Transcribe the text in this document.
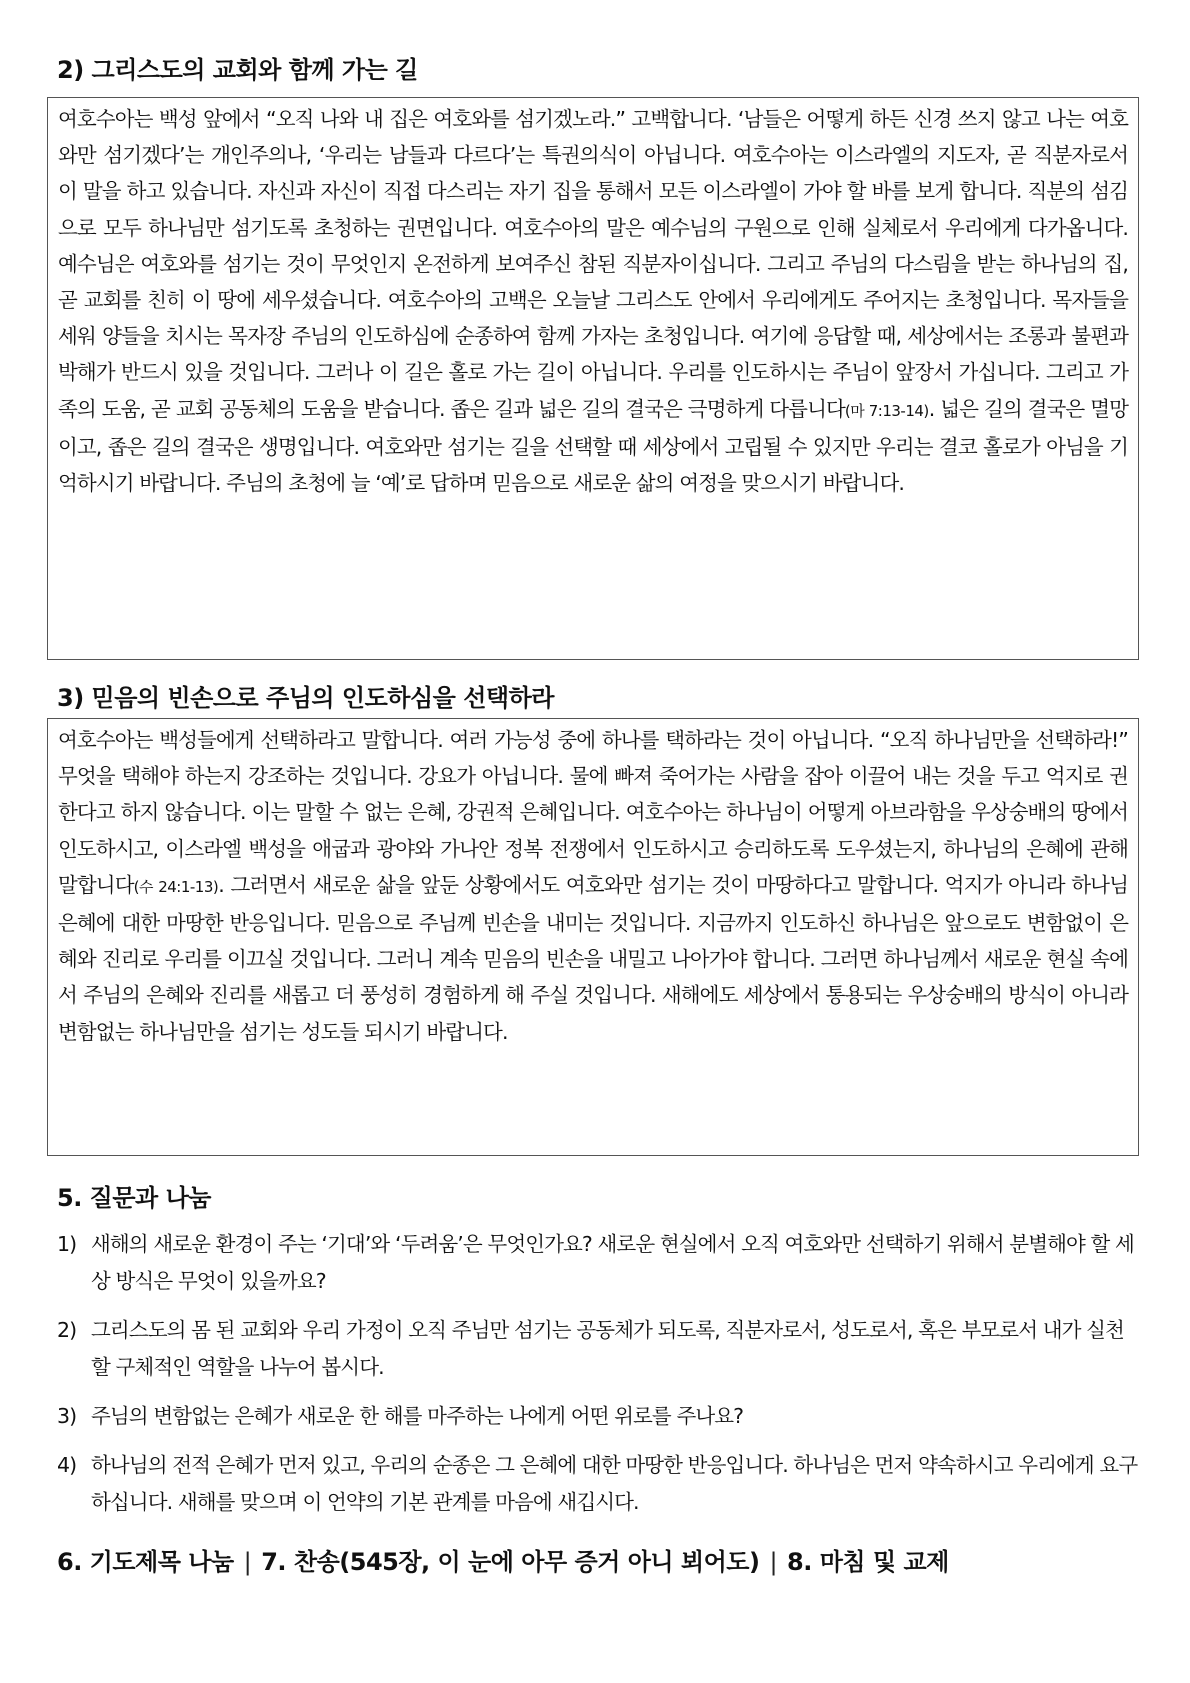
2) 그리스도의 교회와 함께 가는 길

여호수아는 백성 앞에서 “오직 나와 내 집은 여호와를 섬기겠노라.” 고백합니다. ‘남들은 어떻게 하든 신경 쓰지 않고 나는 여호와만 섬기겠다’는 개인주의나, ‘우리는 남들과 다르다’는 특권의식이 아닙니다. 여호수아는 이스라엘의 지도자, 곧 직분자로서 이 말을 하고 있습니다. 자신과 자신이 직접 다스리는 자기 집을 통해서 모든 이스라엘이 가야 할 바를 보게 합니다. 직분의 섬김으로 모두 하나님만 섬기도록 초청하는 권면입니다. 여호수아의 말은 예수님의 구원으로 인해 실체로서 우리에게 다가옵니다. 예수님은 여호와를 섬기는 것이 무엇인지 온전하게 보여주신 참된 직분자이십니다. 그리고 주님의 다스림을 받는 하나님의 집, 곧 교회를 친히 이 땅에 세우셨습니다. 여호수아의 고백은 오늘날 그리스도 안에서 우리에게도 주어지는 초청입니다. 목자들을 세워 양들을 치시는 목자장 주님의 인도하심에 순종하여 함께 가자는 초청입니다. 여기에 응답할 때, 세상에서는 조롱과 불편과 박해가 반드시 있을 것입니다. 그러나 이 길은 홀로 가는 길이 아닙니다. 우리를 인도하시는 주님이 앞장서 가십니다. 그리고 가족의 도움, 곧 교회 공동체의 도움을 받습니다. 좁은 길과 넓은 길의 결국은 극명하게 다릅니다(마 7:13-14). 넓은 길의 결국은 멸망이고, 좁은 길의 결국은 생명입니다. 여호와만 섬기는 길을 선택할 때 세상에서 고립될 수 있지만 우리는 결코 홀로가 아님을 기억하시기 바랍니다. 주님의 초청에 늘 ‘예’로 답하며 믿음으로 새로운 삶의 여정을 맞으시기 바랍니다.

3) 믿음의 빈손으로 주님의 인도하심을 선택하라

여호수아는 백성들에게 선택하라고 말합니다. 여러 가능성 중에 하나를 택하라는 것이 아닙니다. “오직 하나님만을 선택하라!” 무엇을 택해야 하는지 강조하는 것입니다. 강요가 아닙니다. 물에 빠져 죽어가는 사람을 잡아 이끌어 내는 것을 두고 억지로 권한다고 하지 않습니다. 이는 말할 수 없는 은혜, 강권적 은혜입니다. 여호수아는 하나님이 어떻게 아브라함을 우상숭배의 땅에서 인도하시고, 이스라엘 백성을 애굽과 광야와 가나안 정복 전쟁에서 인도하시고 승리하도록 도우셨는지, 하나님의 은혜에 관해 말합니다(수 24:1-13). 그러면서 새로운 삶을 앞둔 상황에서도 여호와만 섬기는 것이 마땅하다고 말합니다. 억지가 아니라 하나님 은혜에 대한 마땅한 반응입니다. 믿음으로 주님께 빈손을 내미는 것입니다. 지금까지 인도하신 하나님은 앞으로도 변함없이 은혜와 진리로 우리를 이끄실 것입니다. 그러니 계속 믿음의 빈손을 내밀고 나아가야 합니다. 그러면 하나님께서 새로운 현실 속에서 주님의 은혜와 진리를 새롭고 더 풍성히 경험하게 해 주실 것입니다. 새해에도 세상에서 통용되는 우상숭배의 방식이 아니라 변함없는 하나님만을 섬기는 성도들 되시기 바랍니다.

5. 질문과 나눔
1) 새해의 새로운 환경이 주는 ‘기대’와 ‘두려움’은 무엇인가요? 새로운 현실에서 오직 여호와만 선택하기 위해서 분별해야 할 세상 방식은 무엇이 있을까요?
2) 그리스도의 몸 된 교회와 우리 가정이 오직 주님만 섬기는 공동체가 되도록, 직분자로서, 성도로서, 혹은 부모로서 내가 실천할 구체적인 역할을 나누어 봅시다.
3) 주님의 변함없는 은혜가 새로운 한 해를 마주하는 나에게 어떤 위로를 주나요?
4) 하나님의 전적 은혜가 먼저 있고, 우리의 순종은 그 은혜에 대한 마땅한 반응입니다. 하나님은 먼저 약속하시고 우리에게 요구하십니다. 새해를 맞으며 이 언약의 기본 관계를 마음에 새깁시다.
6. 기도제목 나눔 | 7. 찬송(545장, 이 눈에 아무 증거 아니 뵈어도) | 8. 마침 및 교제
